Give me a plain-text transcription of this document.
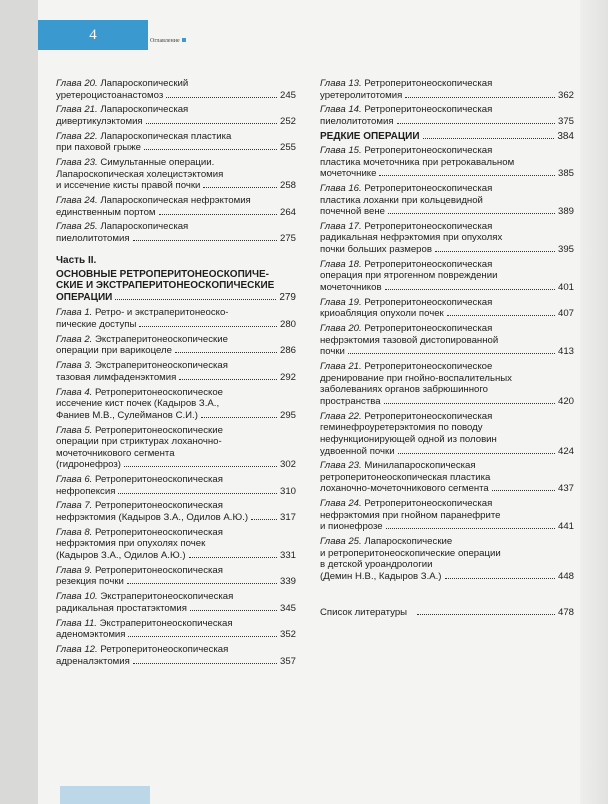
4	Оглавление
Глава 20. Лапароскопический
уретероцистоанастомоз	245
Глава 21. Лапароскопическая
дивертикулэктомия	252
Глава 22. Лапароскопическая пластика
при паховой грыже	255
Глава 23. Симультанные операции.
Лапароскопическая холецистэктомия
и иссечение кисты правой почки	258
Глава 24. Лапароскопическая нефрэктомия
единственным портом	264
Глава 25. Лапароскопическая
пиелолитотомия	275
Часть II.
ОСНОВНЫЕ РЕТРОПЕРИТОНЕОСКОПИЧЕ-
СКИЕ И ЭКСТРАПЕРИТОНЕОСКОПИЧЕСКИЕ
ОПЕРАЦИИ	279
Глава 1. Ретро- и экстраперитонеоско-
пические доступы	280
Глава 2. Экстраперитонеоскопические
операции при варикоцеле	286
Глава 3. Экстраперитонеоскопическая
тазовая лимфаденэктомия	292
Глава 4. Ретроперитонеоскопическое
иссечение кист почек (Кадыров З.А.,
Фаниев М.В., Сулейманов С.И.)	295
Глава 5. Ретроперитонеоскопические
операции при стриктурах лоханочно-
мочеточникового сегмента
(гидронефроз)	302
Глава 6. Ретроперитонеоскопическая
нефропексия	310
Глава 7. Ретроперитонеоскопическая
нефрэктомия (Кадыров З.А., Одилов А.Ю.)	317
Глава 8. Ретроперитонеоскопическая
нефрэктомия при опухолях почек
(Кадыров З.А., Одилов А.Ю.)	331
Глава 9. Ретроперитонеоскопическая
резекция почки	339
Глава 10. Экстраперитонеоскопическая
радикальная простатэктомия	345
Глава 11. Экстраперитонеоскопическая
аденомэктомия	352
Глава 12. Ретроперитонеоскопическая
адреналэктомия	357
Глава 13. Ретроперитонеоскопическая
уретеролитотомия	362
Глава 14. Ретроперитонеоскопическая
пиелолитотомия	375
РЕДКИЕ ОПЕРАЦИИ	384
Глава 15. Ретроперитонеоскопическая
пластика мочеточника при ретрокавальном
мочеточнике	385
Глава 16. Ретроперитонеоскопическая
пластика лоханки при кольцевидной
почечной вене	389
Глава 17. Ретроперитонеоскопическая
радикальная нефрэктомия при опухолях
почки больших размеров	395
Глава 18. Ретроперитонеоскопическая
операция при ятрогенном повреждении
мочеточников	401
Глава 19. Ретроперитонеоскопическая
криоабляция опухоли почек	407
Глава 20. Ретроперитонеоскопическая
нефрэктомия тазовой дистопированной
почки	413
Глава 21. Ретроперитонеоскопическое
дренирование при гнойно-воспалительных
заболеваниях органов забрюшинного
пространства	420
Глава 22. Ретроперитонеоскопическая
геминефроуретерэктомия по поводу
нефункционирующей одной из половин
удвоенной почки	424
Глава 23. Минилапароскопическая
ретроперитонеоскопическая пластика
лоханочно-мочеточникового сегмента	437
Глава 24. Ретроперитонеоскопическая
нефрэктомия при гнойном паранефрите
и пионефрозе	441
Глава 25. Лапароскопические
и ретроперитонеоскопические операции
в детской уроандрологии
(Демин Н.В., Кадыров З.А.)	448
Список литературы	478
